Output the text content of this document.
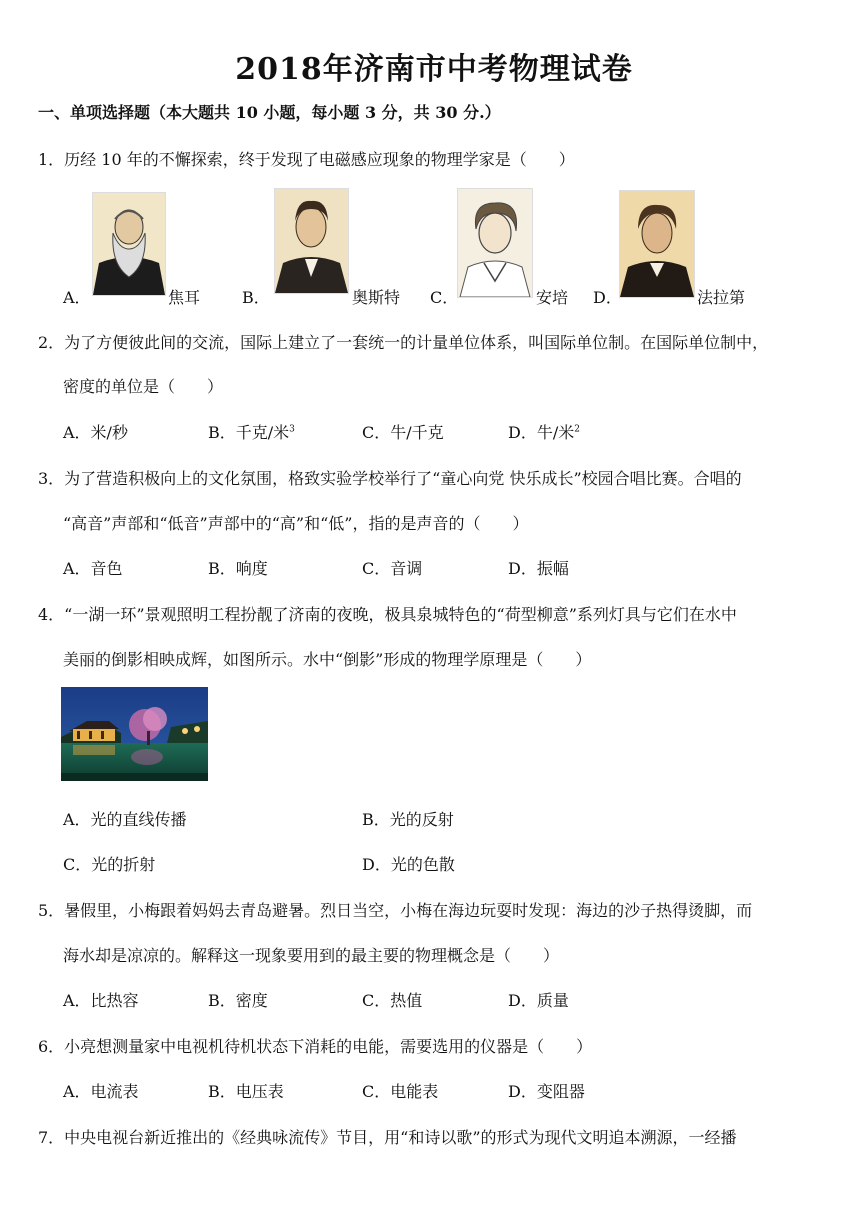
2018年济南市中考物理试卷
一、单项选择题（本大题共 10 小题，每小题 3 分，共 30 分.）
1．历经 10 年的不懈探索，终于发现了电磁感应现象的物理学家是（　　）
A．	焦耳	B．	奥斯特 C．	安培 D．	法拉第
2．为了方便彼此间的交流，国际上建立了一套统一的计量单位体系，叫国际单位制。在国际单位制中，
密度的单位是（　　）
A．米/秒	B．千克/米$^3$	C．牛/千克	D．牛/米$^2$
3．为了营造积极向上的文化氛围，格致实验学校举行了“童心向党 快乐成长”校园合唱比赛。合唱的
“高音”声部和“低音”声部中的“高”和“低”，指的是声音的（　　）
A．音色	B．响度	C．音调	D．振幅
4．“一湖一环”景观照明工程扮靓了济南的夜晚，极具泉城特色的“荷型柳意”系列灯具与它们在水中
美丽的倒影相映成辉，如图所示。水中“倒影”形成的物理学原理是（　　）
A．光的直线传播	B．光的反射
C．光的折射	D．光的色散
5．暑假里，小梅跟着妈妈去青岛避暑。烈日当空，小梅在海边玩耍时发现：海边的沙子热得烫脚，而
海水却是凉凉的。解释这一现象要用到的最主要的物理概念是（　　）
A．比热容	B．密度	C．热值	D．质量
6．小亮想测量家中电视机待机状态下消耗的电能，需要选用的仪器是（　　）
A．电流表	B．电压表	C．电能表	D．变阻器
7．中央电视台新近推出的《经典咏流传》节目，用“和诗以歌”的形式为现代文明追本溯源，一经播
